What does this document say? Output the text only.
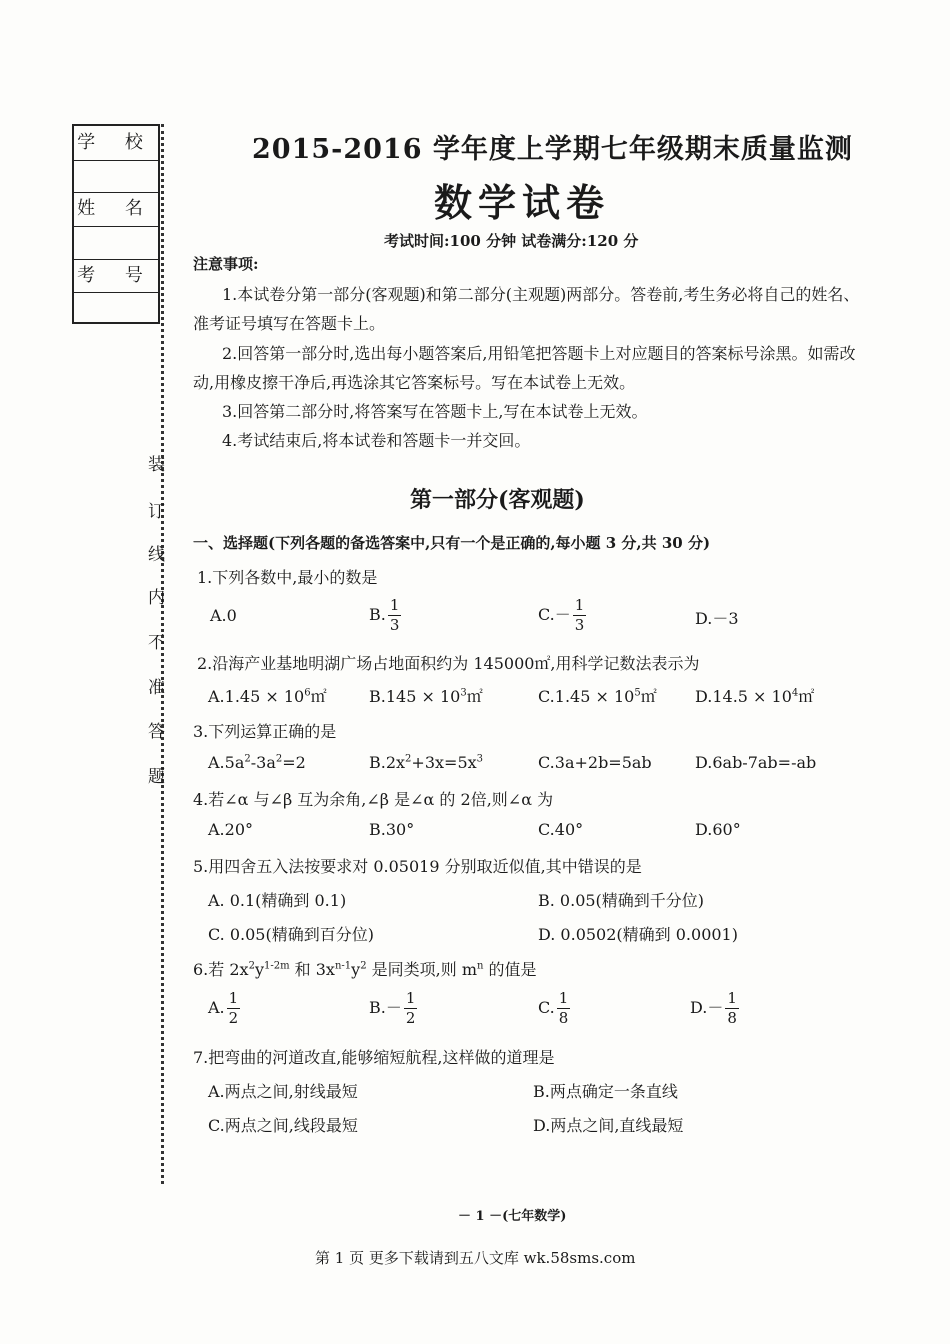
学 校
姓 名
考 号
装
订
线
内
不
准
答
题
2015-2016 学年度上学期七年级期末质量监测
数学试卷
考试时间:100 分钟 试卷满分:120 分
注意事项:
1.本试卷分第一部分(客观题)和第二部分(主观题)两部分。答卷前,考生务必将自己的姓名、
准考证号填写在答题卡上。
2.回答第一部分时,选出每小题答案后,用铅笔把答题卡上对应题目的答案标号涂黑。如需改
动,用橡皮擦干净后,再选涂其它答案标号。写在本试卷上无效。
3.回答第二部分时,将答案写在答题卡上,写在本试卷上无效。
4.考试结束后,将本试卷和答题卡一并交回。
第一部分(客观题)
一、选择题(下列各题的备选答案中,只有一个是正确的,每小题 3 分,共 30 分)
1.下列各数中,最小的数是
A.0	B. $\frac{1}{3}$	$C.- \frac{1}{3}$	D.－3
2.沿海产业基地明湖广场占地面积约为 145000㎡,用科学记数法表示为
$A.1.45 \times 10^6㎡$	$B.145 \times 10^3㎡$	$C.1.45 \times 10^5㎡$ $D.14.5 \times 10^4㎡$
3.下列运算正确的是
$A.5a^2-3a^2=2$	$B.2x^2+3x=5x^3$	C.3a+2b=5ab	D.6ab-7ab=-ab
4.若∠α 与∠β 互为余角,∠β 是∠α 的 2倍,则∠α 为
A.20°	B.30°	C.40°	D.60°
5.用四舍五入法按要求对 0.05019 分别取近似值,其中错误的是
A. 0.1(精确到 0.1)	B. 0.05(精确到千分位)
C. 0.05(精确到百分位)	D. 0.0502(精确到 0.0001)
6.若 $2x^2y^{1-2m}$ 和 $3x^{n-1}y^2$ 是同类项,则 $m^n$ 的值是
A. $\frac{1}{2}$	$B.- \frac{1}{2}$	C. $\frac{1}{8}$	$D.- \frac{1}{8}$
7.把弯曲的河道改直,能够缩短航程,这样做的道理是
A.两点之间,射线最短	B.两点确定一条直线
C.两点之间,线段最短	D.两点之间,直线最短
－ 1 －(七年数学)
第 1 页 更多下载请到五八文库 wk.58sms.com
